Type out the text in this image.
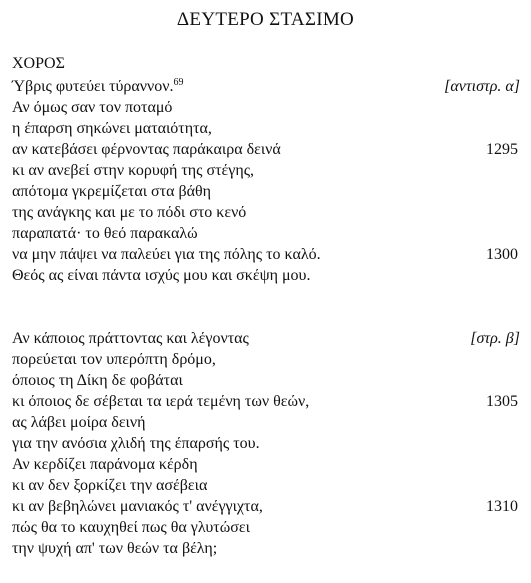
ΔΕΥΤΕΡΟ ΣΤΑΣΙΜΟ
ΧΟΡΟΣ
Ύβρις φυτεύει τύραννον.$^{69}$	[αντιστρ. α]
Αν όμως σαν τον ποταμό
η έπαρση σηκώνει ματαιότητα,
αν κατεβάσει φέρνοντας παράκαιρα δεινά	1295
κι αν ανεβεί στην κορυφή της στέγης,
απότομα γκρεμίζεται στα βάθη
της ανάγκης και με το πόδι στο κενό
παραπατά· το θεό παρακαλώ
να μην πάψει να παλεύει για της πόλης το καλό.	1300
Θεός ας είναι πάντα ισχύς μου και σκέψη μου.
Αν κάποιος πράττοντας και λέγοντας	[στρ. β]
πορεύεται τον υπερόπτη δρόμο,
όποιος τη Δίκη δε φοβάται
κι όποιος δε σέβεται τα ιερά τεμένη των θεών,	1305
ας λάβει μοίρα δεινή
για την ανόσια χλιδή της έπαρσής του.
Αν κερδίζει παράνομα κέρδη
κι αν δεν ξορκίζει την ασέβεια
κι αν βεβηλώνει μανιακός τ' ανέγγιχτα,	1310
πώς θα το καυχηθεί πως θα γλυτώσει
την ψυχή απ' των θεών τα βέλη;
